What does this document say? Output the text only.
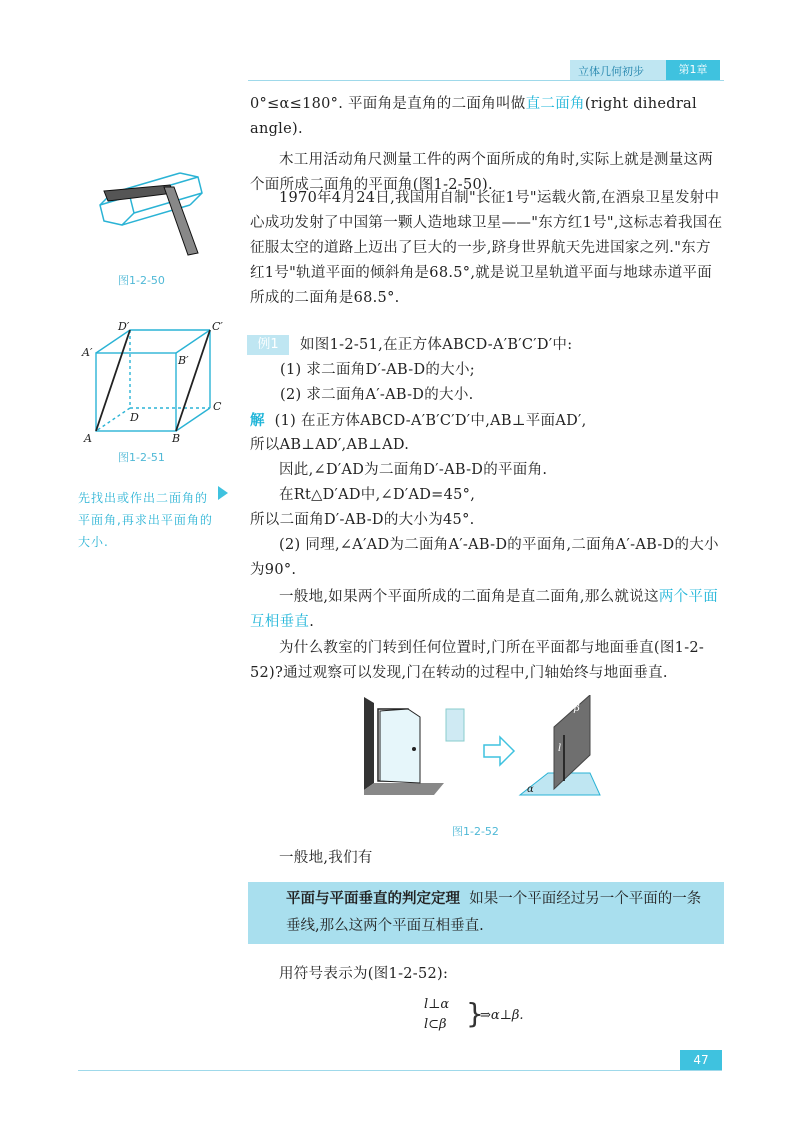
立体几何初步	第1章
0°≤α≤180°. 平面角是直角的二面角叫做直二面角(right dihedral angle).
木工用活动角尺测量工件的两个面所成的角时,实际上就是测量这两个面所成二面角的平面角(图1-2-50).
1970年4月24日,我国用自制"长征1号"运载火箭,在酒泉卫星发射中心成功发射了中国第一颗人造地球卫星——"东方红1号",这标志着我国在征服太空的道路上迈出了巨大的一步,跻身世界航天先进国家之列."东方红1号"轨道平面的倾斜角是68.5°,就是说卫星轨道平面与地球赤道平面所成的二面角是68.5°.
图1-2-50
A	B
C
D
A′
B′
C′
D′
图1-2-51
先找出或作出二面角的平面角,再求出平面角的大小.
例1	如图1-2-51,在正方体ABCD-A′B′C′D′中:
(1) 求二面角D′-AB-D的大小;
(2) 求二面角A′-AB-D的大小.
解 (1) 在正方体ABCD-A′B′C′D′中,AB⊥平面AD′,
所以AB⊥AD′,AB⊥AD.
因此,∠D′AD为二面角D′-AB-D的平面角.
在Rt△D′AD中,∠D′AD=45°,
所以二面角D′-AB-D的大小为45°.
(2) 同理,∠A′AD为二面角A′-AB-D的平面角,二面角A′-AB-D的大小为90°.
一般地,如果两个平面所成的二面角是直二面角,那么就说这两个平面互相垂直.
为什么教室的门转到任何位置时,门所在平面都与地面垂直(图1-2-52)?通过观察可以发现,门在转动的过程中,门轴始终与地面垂直.
α
β
l
图1-2-52
一般地,我们有
平面与平面垂直的判定定理 如果一个平面经过另一个平面的一条垂线,那么这两个平面互相垂直.
用符号表示为(图1-2-52):
l⊥α
l⊂β }
⇒α⊥β.
47
